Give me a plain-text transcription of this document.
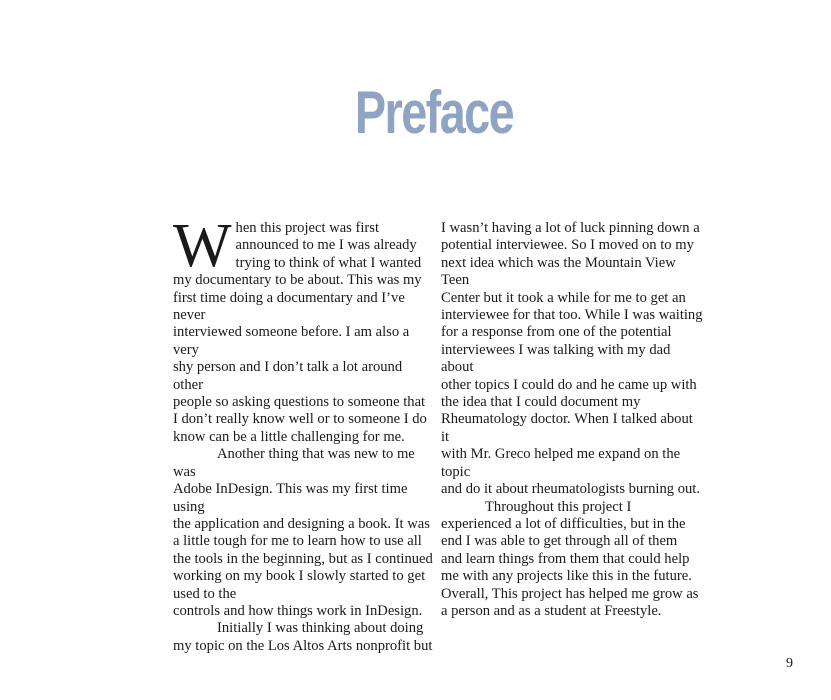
Preface

W hen this project was first
announced to me I was already
trying to think of what I wanted
my documentary to be about. This was my
first time doing a documentary and I’ve never
interviewed someone before. I am also a very
shy person and I don’t talk a lot around other
people so asking questions to someone that
I don’t really know well or to someone I do
know can be a little challenging for me.

Another thing that was new to me was
Adobe InDesign. This was my first time using
the application and designing a book. It was
a little tough for me to learn how to use all
the tools in the beginning, but as I continued
working on my book I slowly started to get
used to the
controls and how things work in InDesign.

Initially I was thinking about doing
my topic on the Los Altos Arts nonprofit but

I wasn’t having a lot of luck pinning down a
potential interviewee. So I moved on to my
next idea which was the Mountain View Teen
Center but it took a while for me to get an
interviewee for that too. While I was waiting
for a response from one of the potential
interviewees I was talking with my dad about
other topics I could do and he came up with
the idea that I could document my
Rheumatology doctor. When I talked about it
with Mr. Greco helped me expand on the topic
and do it about rheumatologists burning out.

Throughout this project I
experienced a lot of difficulties, but in the
end I was able to get through all of them
and learn things from them that could help
me with any projects like this in the future.
Overall, This project has helped me grow as
a person and as a student at Freestyle.

9
